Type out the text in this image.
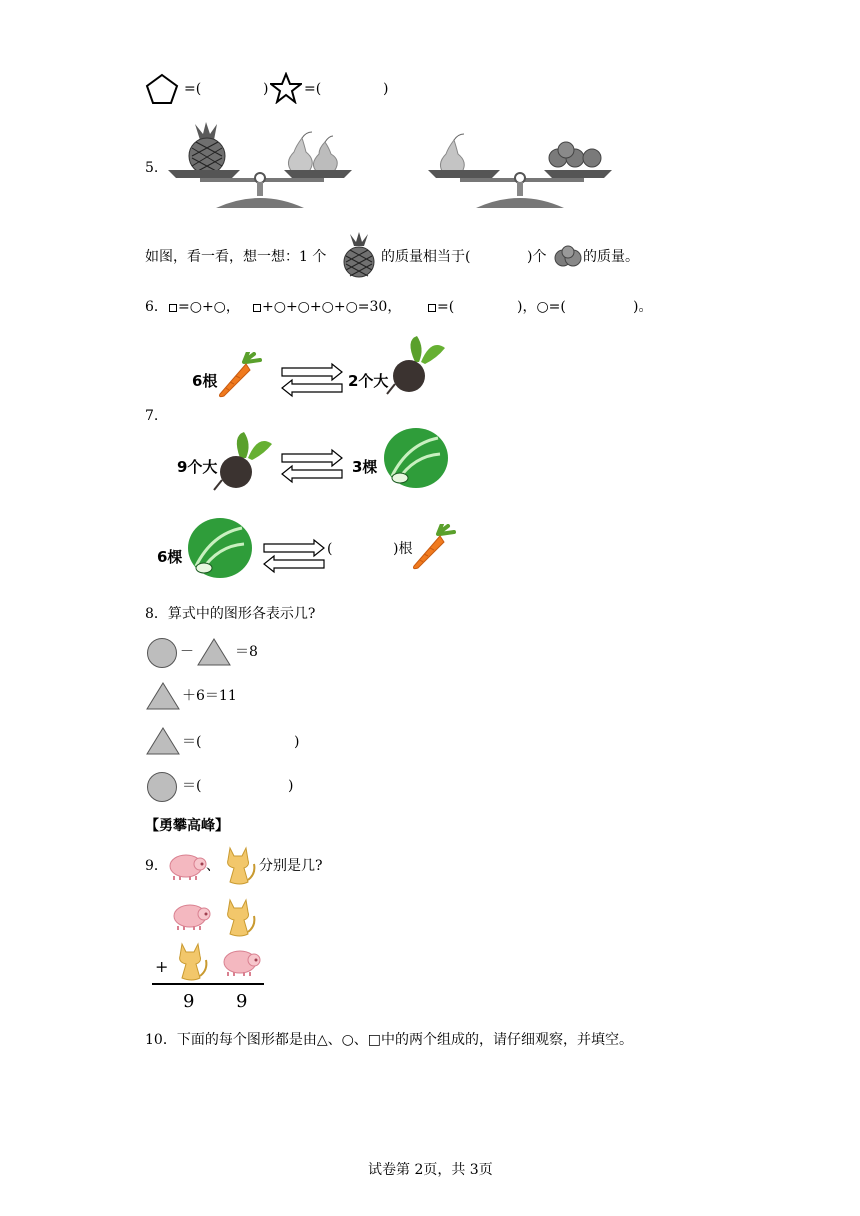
=(	)	=(	)
5.
如图，看一看，想一想：1 个	的质量相当于(	)个	的质量。
6． =○+○， +○+○+○+○=30，	=(	)，○=(	)。
7.
6根	2个大
9个大	3棵
6棵	(	)根
8．算式中的图形各表示几?
－	＝8
＋6＝11
＝(	)
＝(	)
【勇攀高峰】
9．	、	分别是几?
+
9 9
10．下面的每个图形都是由△、○、□中的两个组成的，请仔细观察，并填空。
试卷第 2页，共 3页
